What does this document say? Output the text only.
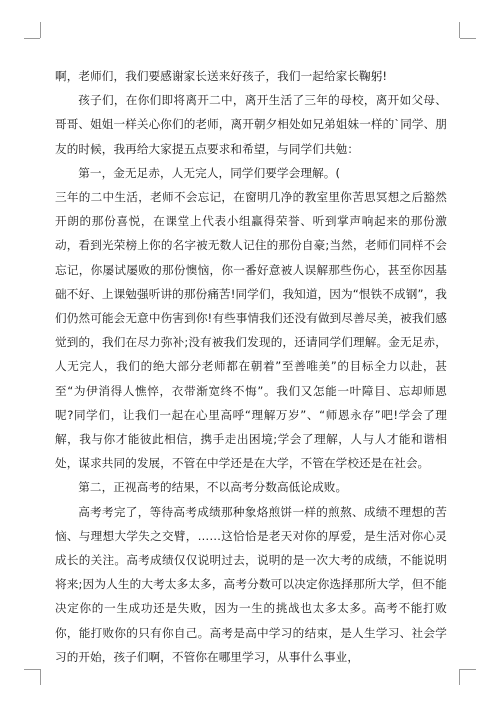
啊，老师们，我们要感谢家长送来好孩子，我们一起给家长鞠躬!

孩子们，在你们即将离开二中，离开生活了三年的母校，离开如父母、哥哥、姐姐一样关心你们的老师，离开朝夕相处如兄弟姐妹一样的`同学、朋友的时候，我再给大家提五点要求和希望，与同学们共勉：

第一，金无足赤，人无完人，同学们要学会理解。(

三年的二中生活，老师不会忘记，在窗明几净的教室里你苦思冥想之后豁然开朗的那份喜悦，在课堂上代表小组赢得荣誉、听到掌声响起来的那份激动，看到光荣榜上你的名字被无数人记住的那份自豪;当然，老师们同样不会忘记，你屡试屡败的那份懊恼，你一番好意被人误解那些伤心，甚至你因基础不好、上课勉强听讲的那份痛苦!同学们，我知道，因为“恨铁不成钢”，我们仍然可能会无意中伤害到你!有些事情我们还没有做到尽善尽美，被我们感觉到的，我们在尽力弥补;没有被我们发现的，还请同学们理解。金无足赤，人无完人，我们的绝大部分老师都在朝着”至善唯美”的目标全力以赴，甚至“为伊消得人憔悴，衣带渐宽终不悔”。我们又怎能一叶障目、忘却师恩呢?同学们，让我们一起在心里高呼“理解万岁”、“师恩永存”吧!学会了理解，我与你才能彼此相信，携手走出困境;学会了理解，人与人才能和谐相处，谋求共同的发展，不管在中学还是在大学，不管在学校还是在社会。

第二，正视高考的结果，不以高考分数高低论成败。

高考考完了，等待高考成绩那种象烙煎饼一样的煎熬、成绩不理想的苦恼、与理想大学失之交臂，……这恰恰是老天对你的厚爱，是生活对你心灵成长的关注。高考成绩仅仅说明过去，说明的是一次大考的成绩，不能说明将来;因为人生的大考太多太多，高考分数可以决定你选择那所大学，但不能决定你的一生成功还是失败，因为一生的挑战也太多太多。高考不能打败你，能打败你的只有你自己。高考是高中学习的结束，是人生学习、社会学习的开始，孩子们啊，不管你在哪里学习，从事什么事业，
